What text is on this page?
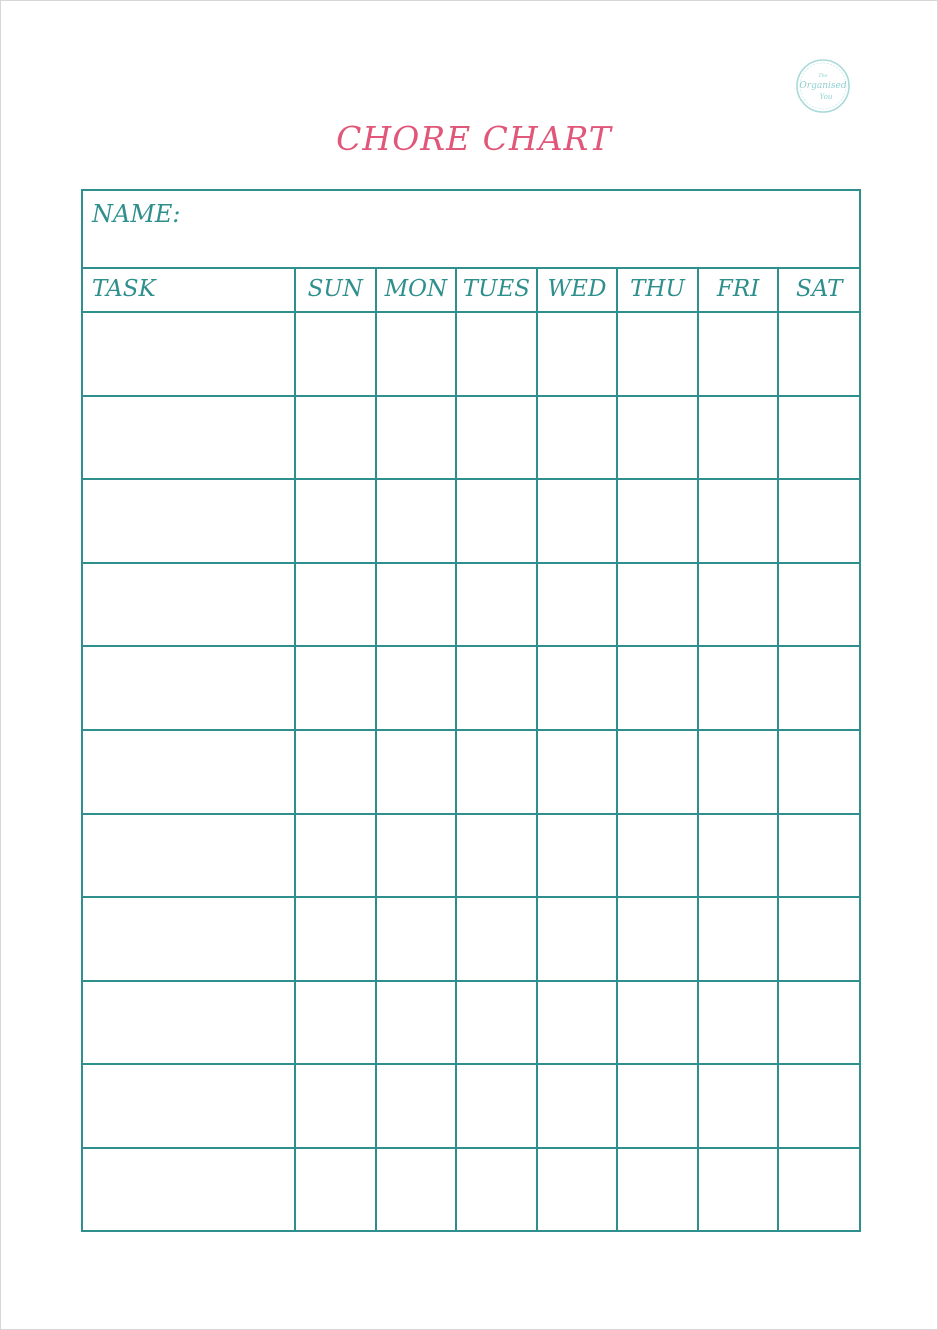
The
Organised
You
CHORE CHART
NAME:
TASK	SUN	MON	TUES	WED	THU	FRI	SAT
